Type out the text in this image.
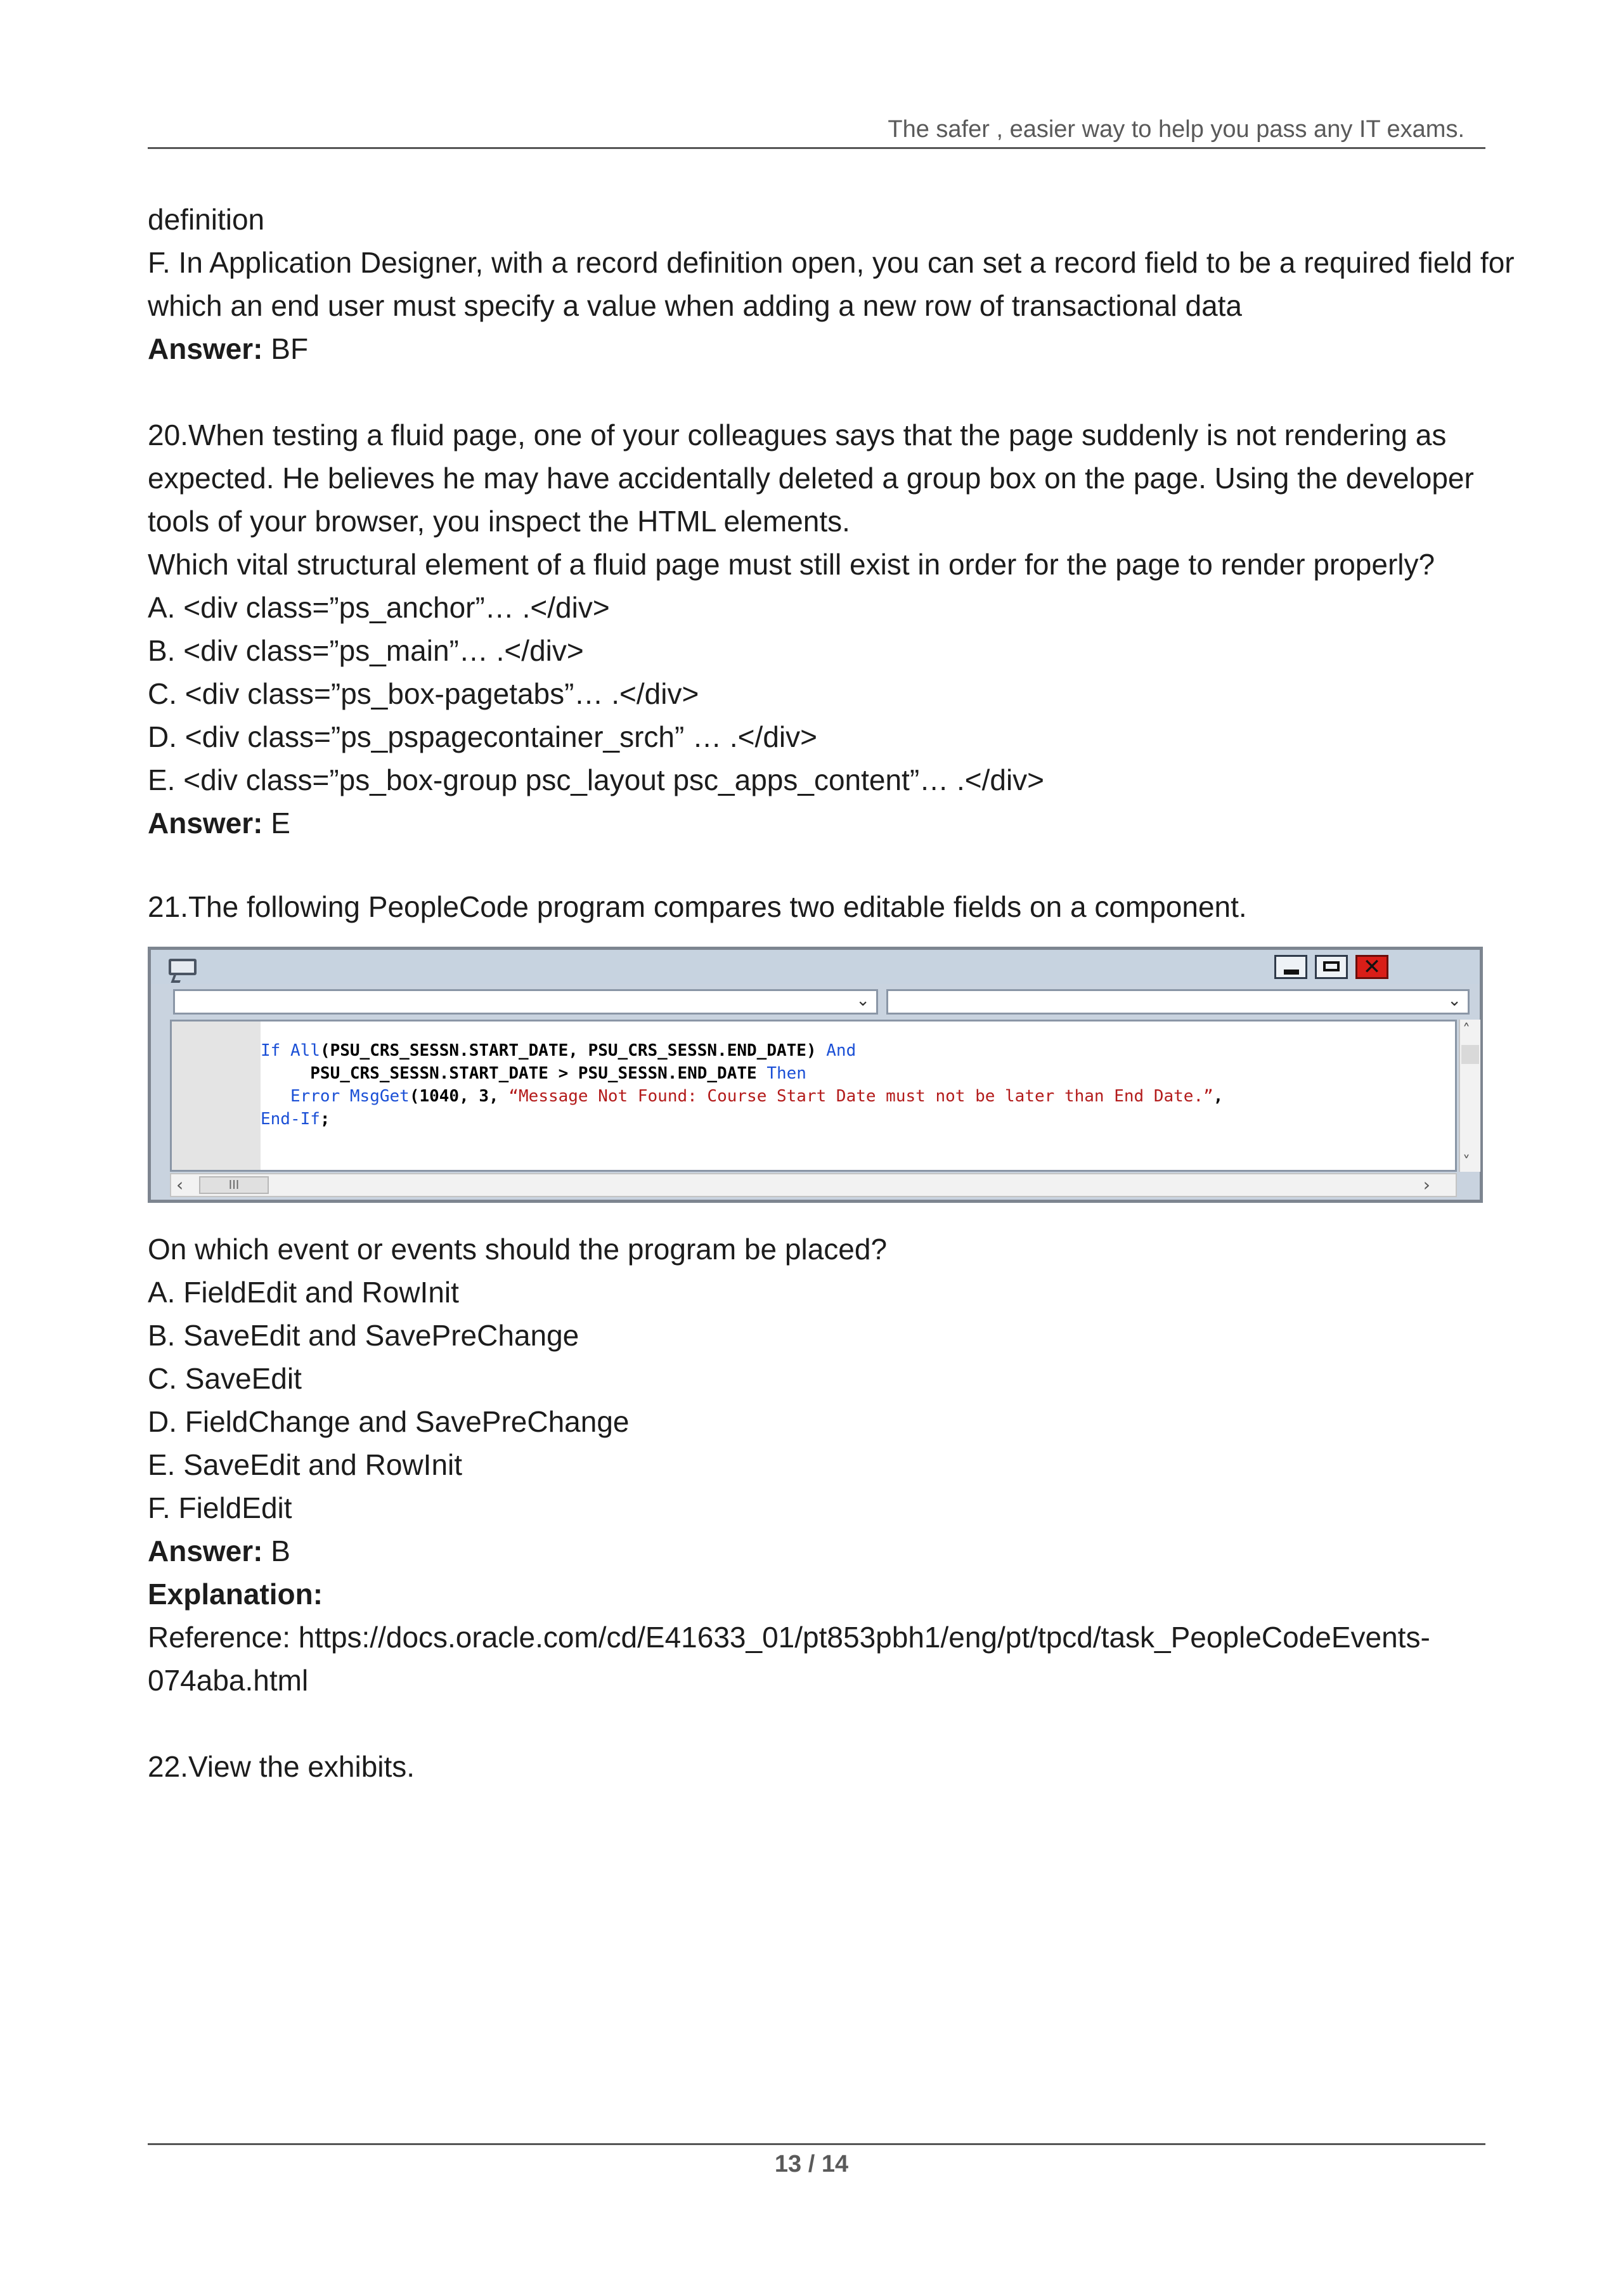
The safer , easier way to help you pass any IT exams.
definition
F. In Application Designer, with a record definition open, you can set a record field to be a required field for
which an end user must specify a value when adding a new row of transactional data
Answer: BF
20.When testing a fluid page, one of your colleagues says that the page suddenly is not rendering as
expected. He believes he may have accidentally deleted a group box on the page. Using the developer
tools of your browser, you inspect the HTML elements.
Which vital structural element of a fluid page must still exist in order for the page to render properly?
A. <div class=”ps_anchor”… .</div>
B. <div class=”ps_main”… .</div>
C. <div class=”ps_box-pagetabs”… .</div>
D. <div class=”ps_pspagecontainer_srch” … .</div>
E. <div class=”ps_box-group psc_layout psc_apps_content”… .</div>
Answer: E
21.The following PeopleCode program compares two editable fields on a component.
✕
⌄	⌄
If All(PSU_CRS_SESSN.START_DATE, PSU_CRS_SESSN.END_DATE) And
PSU_CRS_SESSN.START_DATE > PSU_SESSN.END_DATE Then
Error MsgGet(1040, 3, “Message Not Found: Course Start Date must not be later than End Date.”,
End-If;
˄
˅
‹	III	›
On which event or events should the program be placed?
A. FieldEdit and RowInit
B. SaveEdit and SavePreChange
C. SaveEdit
D. FieldChange and SavePreChange
E. SaveEdit and RowInit
F. FieldEdit
Answer: B
Explanation:
Reference: https://docs.oracle.com/cd/E41633_01/pt853pbh1/eng/pt/tpcd/task_PeopleCodeEvents-
074aba.html
22.View the exhibits.
13 / 14
